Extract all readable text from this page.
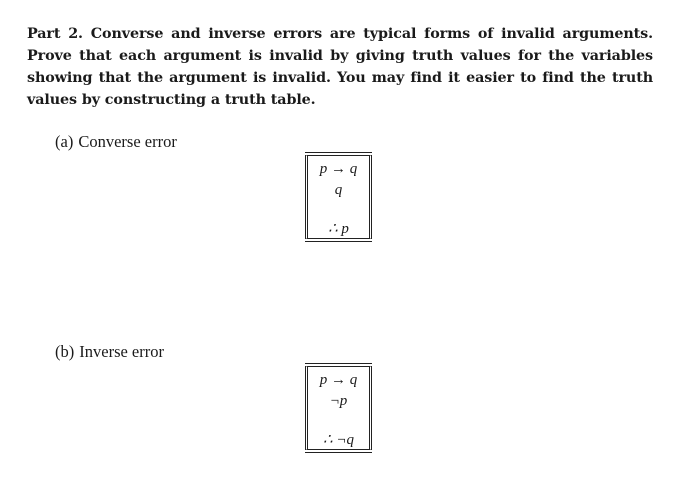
Part 2. Converse and inverse errors are typical forms of invalid arguments. Prove that each argument is invalid by giving truth values for the variables showing that the argument is invalid. You may find it easier to find the truth values by constructing a truth table.

(a) Converse error

p → q
q
∴ p

(b) Inverse error

p → q
¬p
∴ ¬q
